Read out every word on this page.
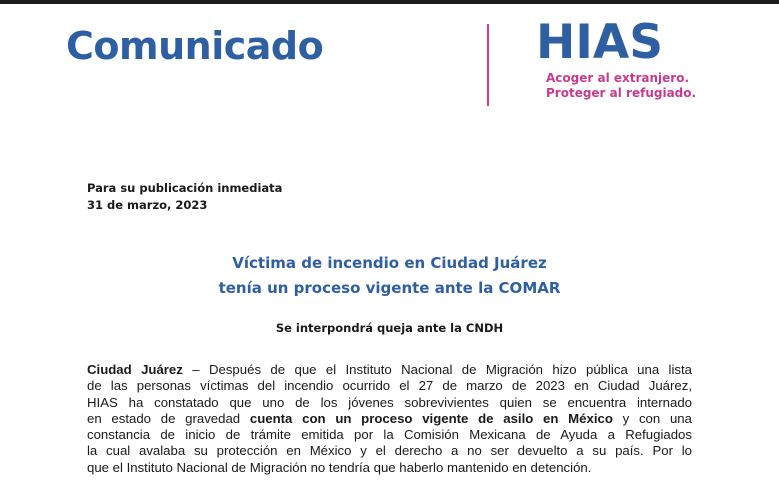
Comunicado	HIAS
Acoger al extranjero.
Proteger al refugiado.
Para su publicación inmediata
31 de marzo, 2023
Víctima de incendio en Ciudad Juárez
tenía un proceso vigente ante la COMAR
Se interpondrá queja ante la CNDH
Ciudad Juárez – Después de que el Instituto Nacional de Migración hizo pública una lista
de las personas víctimas del incendio ocurrido el 27 de marzo de 2023 en Ciudad Juárez,
HIAS ha constatado que uno de los jóvenes sobrevivientes quien se encuentra internado
en estado de gravedad cuenta con un proceso vigente de asilo en México y con una
constancia de inicio de trámite emitida por la Comisión Mexicana de Ayuda a Refugiados
la cual avalaba su protección en México y el derecho a no ser devuelto a su país. Por lo
que el Instituto Nacional de Migración no tendría que haberlo mantenido en detención.
